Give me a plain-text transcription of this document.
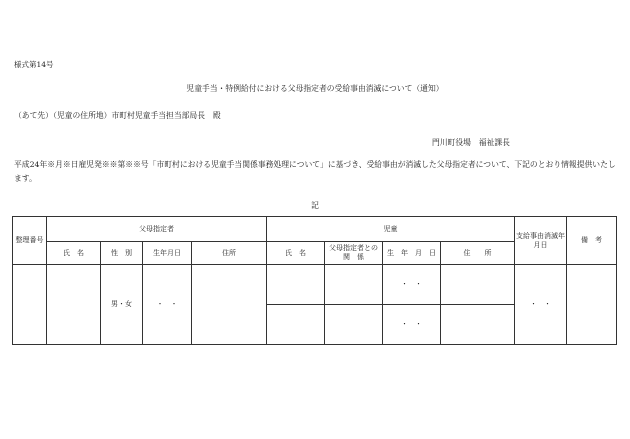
様式第14号
児童手当・特例給付における父母指定者の受給事由消滅について（通知）
（あて先）（児童の住所地）市町村児童手当担当部局長　殿
門川町役場　福祉課長
平成24年※月※日雇児発※※第※※号「市町村における児童手当関係事務処理について」に基づき、受給事由が消滅した父母指定者について、下記のとおり情報提供いたします。
記
整理番号	父母指定者				児童				支給事由消滅年月日	備　考
	氏　名	性　別	生年月日	住所	氏　名	父母指定者との　関　係	生　年　月　日	住　　所		
		男・女	・　・				・　・		・　・	
							・　・			
